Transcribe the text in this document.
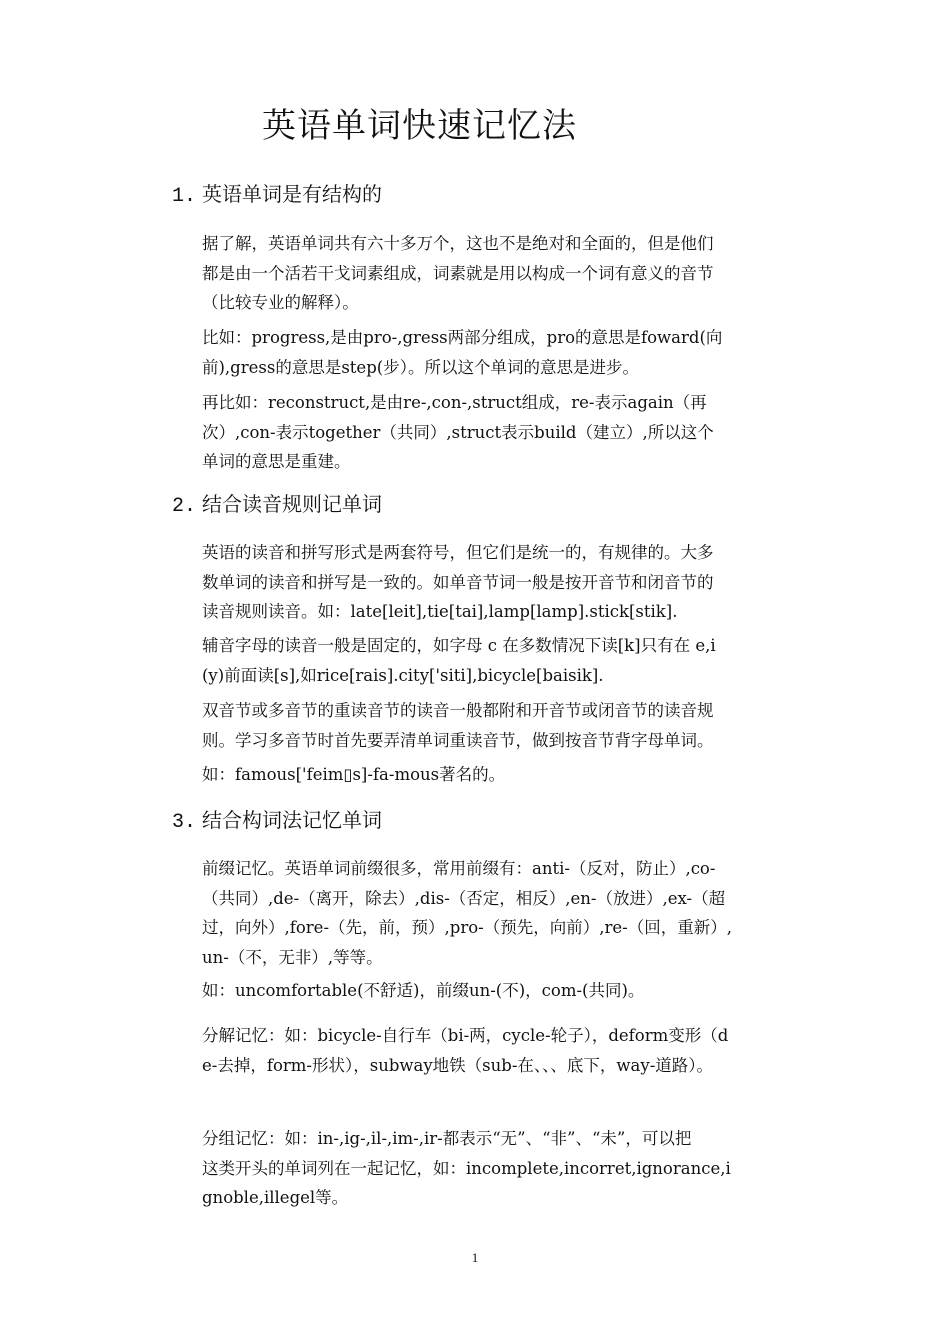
英语单词快速记忆法
1. 英语单词是有结构的
据了解，英语单词共有六十多万个，这也不是绝对和全面的，但是他们
都是由一个活若干戈词素组成，词素就是用以构成一个词有意义的音节
（比较专业的解释）。
比如：progress,是由pro-,gress两部分组成，pro的意思是foward(向
前),gress的意思是step(步）。所以这个单词的意思是进步。
再比如：reconstruct,是由re-,con-,struct组成，re-表示again（再
次）,con-表示together（共同）,struct表示build（建立）,所以这个
单词的意思是重建。
2. 结合读音规则记单词
英语的读音和拼写形式是两套符号，但它们是统一的，有规律的。大多
数单词的读音和拼写是一致的。如单音节词一般是按开音节和闭音节的
读音规则读音。如：late[leit],tie[tai],lamp[lamp].stick[stik].
辅音字母的读音一般是固定的，如字母 c 在多数情况下读[k]只有在 e,i
(y)前面读[s],如rice[rais].city['siti],bicycle[baisik].
双音节或多音节的重读音节的读音一般都附和开音节或闭音节的读音规
则。学习多音节时首先要弄清单词重读音节，做到按音节背字母单词。
如：famous['feim▯s]-fa-mous著名的。
3. 结合构词法记忆单词
前缀记忆。英语单词前缀很多，常用前缀有：anti-（反对，防止）,co-
（共同）,de-（离开，除去）,dis-（否定，相反）,en-（放进）,ex-（超
过，向外）,fore-（先，前，预）,pro-（预先，向前）,re-（回，重新）,
un-（不，无非）,等等。
如：uncomfortable(不舒适)，前缀un-(不)，com-(共同)。
分解记忆：如：bicycle-自行车（bi-两，cycle-轮子），deform变形（d
e-去掉，form-形状），subway地铁（sub-在、、、底下，way-道路）。
分组记忆：如：in-,ig-,il-,im-,ir-都表示“无”、“非”、“未”，可以把
这类开头的单词列在一起记忆，如：incomplete,incorret,ignorance,i
gnoble,illegel等。
1
